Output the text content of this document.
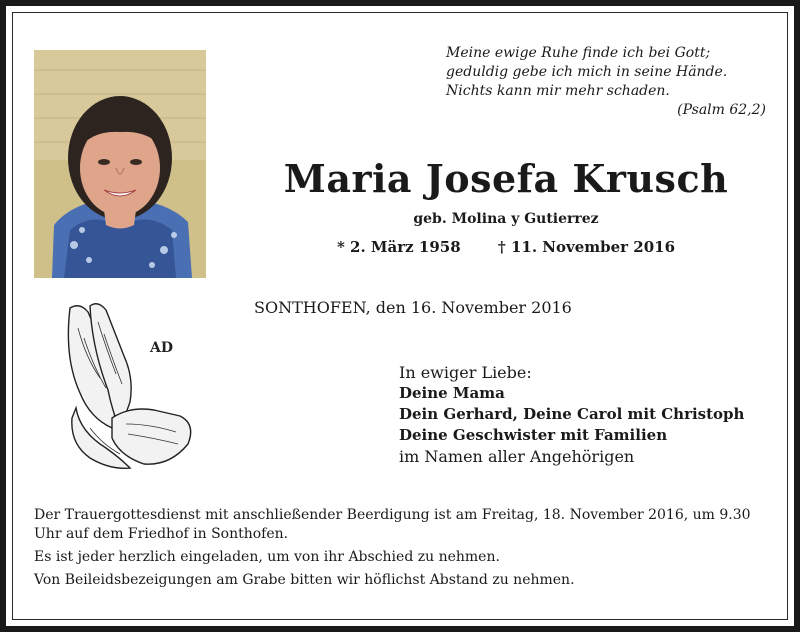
Meine ewige Ruhe finde ich bei Gott;
geduldig gebe ich mich in seine Hände.
Nichts kann mir mehr schaden.
(Psalm 62,2)
Maria Josefa Krusch
geb. Molina y Gutierrez
* 2. März 1958 † 11. November 2016
SONTHOFEN, den 16. November 2016
AD
In ewiger Liebe:
Deine Mama
Dein Gerhard, Deine Carol mit Christoph
Deine Geschwister mit Familien
im Namen aller Angehörigen

Der Trauergottesdienst mit anschließender Beerdigung ist am Freitag, 18. November 2016, um 9.30 Uhr auf dem Friedhof in Sonthofen.

Es ist jeder herzlich eingeladen, um von ihr Abschied zu nehmen.

Von Beileidsbezeigungen am Grabe bitten wir höflichst Abstand zu nehmen.
